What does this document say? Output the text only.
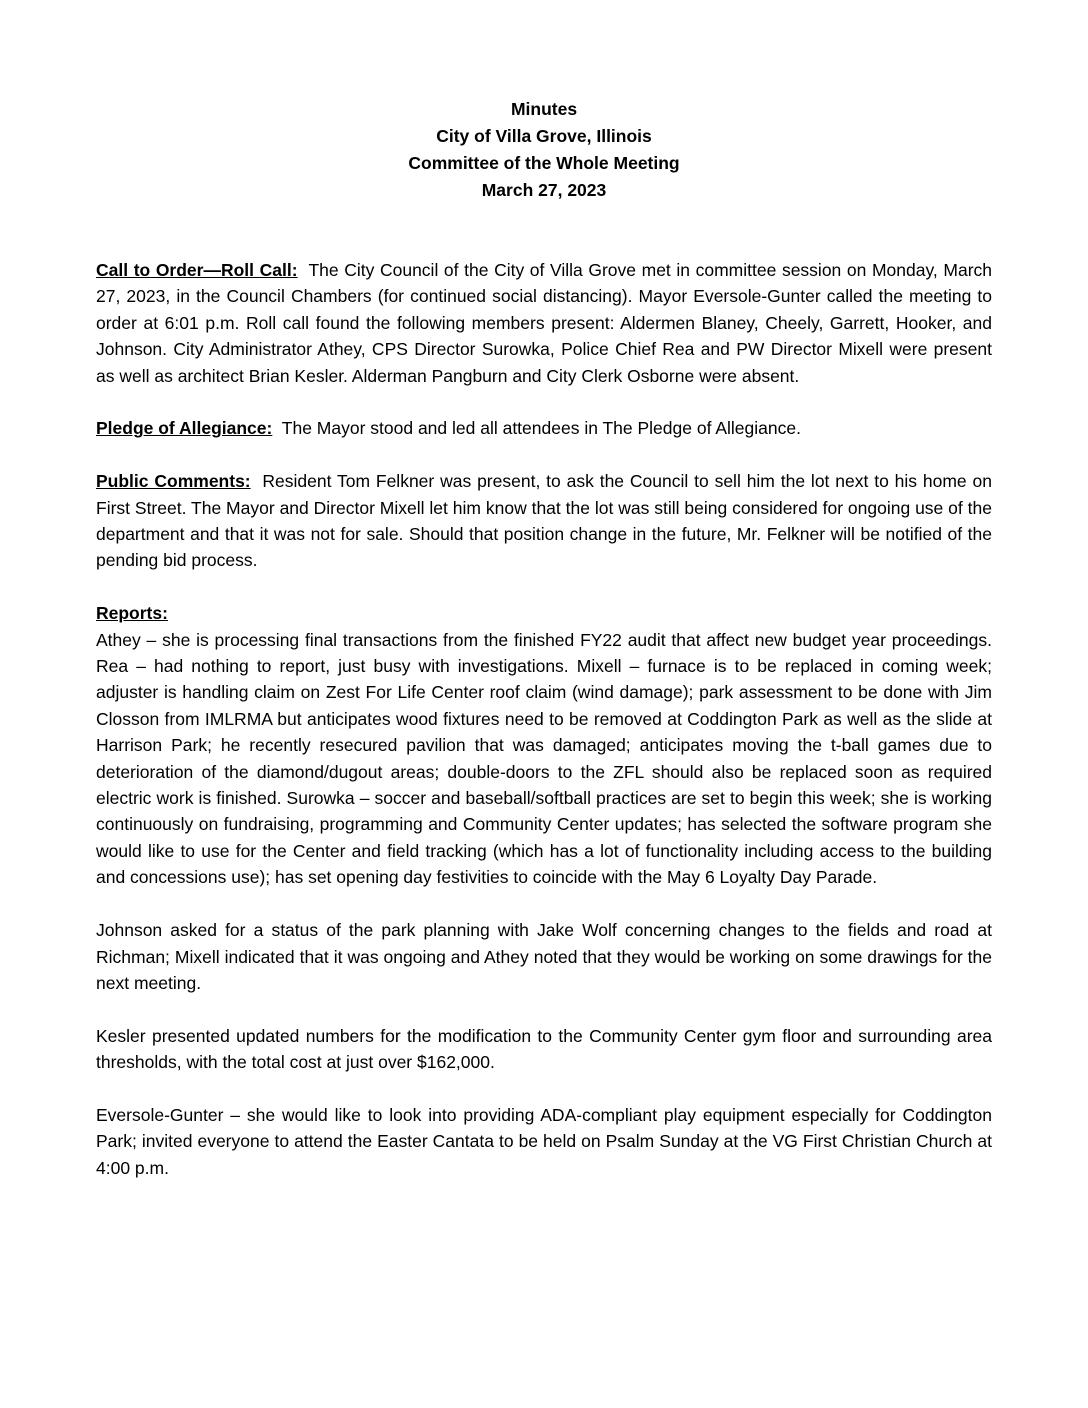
Minutes
City of Villa Grove, Illinois
Committee of the Whole Meeting
March 27, 2023

Call to Order—Roll Call: The City Council of the City of Villa Grove met in committee session on Monday, March 27, 2023, in the Council Chambers (for continued social distancing). Mayor Eversole-Gunter called the meeting to order at 6:01 p.m. Roll call found the following members present: Aldermen Blaney, Cheely, Garrett, Hooker, and Johnson. City Administrator Athey, CPS Director Surowka, Police Chief Rea and PW Director Mixell were present as well as architect Brian Kesler. Alderman Pangburn and City Clerk Osborne were absent.

Pledge of Allegiance: The Mayor stood and led all attendees in The Pledge of Allegiance.

Public Comments: Resident Tom Felkner was present, to ask the Council to sell him the lot next to his home on First Street. The Mayor and Director Mixell let him know that the lot was still being considered for ongoing use of the department and that it was not for sale. Should that position change in the future, Mr. Felkner will be notified of the pending bid process.

Reports:
Athey – she is processing final transactions from the finished FY22 audit that affect new budget year proceedings. Rea – had nothing to report, just busy with investigations. Mixell – furnace is to be replaced in coming week; adjuster is handling claim on Zest For Life Center roof claim (wind damage); park assessment to be done with Jim Closson from IMLRMA but anticipates wood fixtures need to be removed at Coddington Park as well as the slide at Harrison Park; he recently resecured pavilion that was damaged; anticipates moving the t-ball games due to deterioration of the diamond/dugout areas; double-doors to the ZFL should also be replaced soon as required electric work is finished. Surowka – soccer and baseball/softball practices are set to begin this week; she is working continuously on fundraising, programming and Community Center updates; has selected the software program she would like to use for the Center and field tracking (which has a lot of functionality including access to the building and concessions use); has set opening day festivities to coincide with the May 6 Loyalty Day Parade.

Johnson asked for a status of the park planning with Jake Wolf concerning changes to the fields and road at Richman; Mixell indicated that it was ongoing and Athey noted that they would be working on some drawings for the next meeting.

Kesler presented updated numbers for the modification to the Community Center gym floor and surrounding area thresholds, with the total cost at just over $162,000.

Eversole-Gunter – she would like to look into providing ADA-compliant play equipment especially for Coddington Park; invited everyone to attend the Easter Cantata to be held on Psalm Sunday at the VG First Christian Church at 4:00 p.m.
